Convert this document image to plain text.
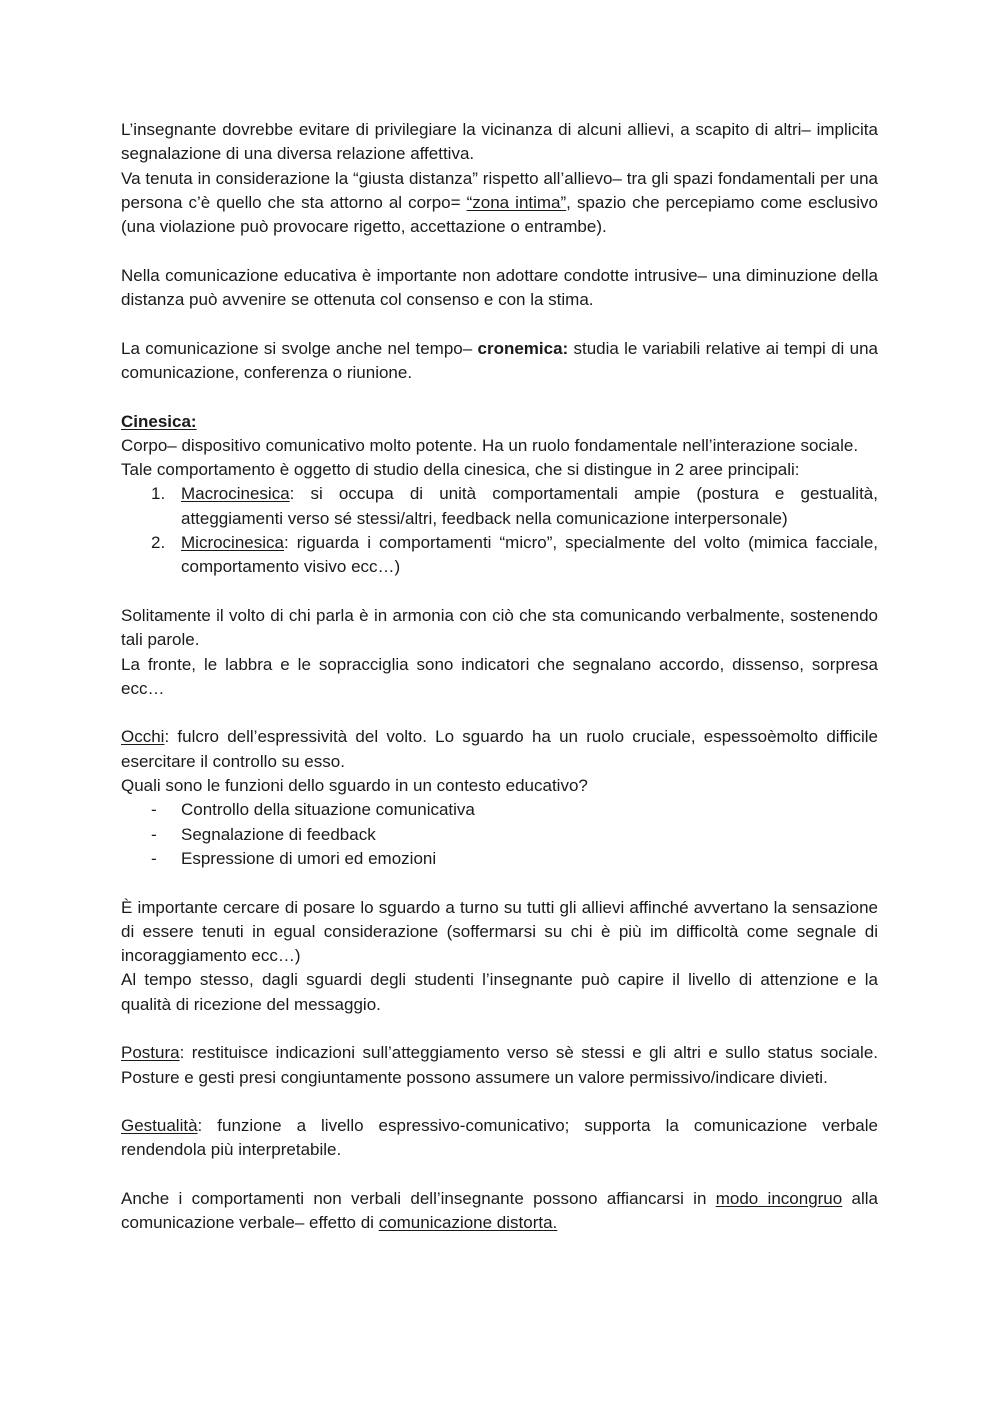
L’insegnante dovrebbe evitare di privilegiare la vicinanza di alcuni allievi, a scapito di altri– implicita segnalazione di una diversa relazione affettiva.

Va tenuta in considerazione la “giusta distanza” rispetto all’allievo– tra gli spazi fondamentali per una persona c’è quello che sta attorno al corpo= “zona intima”, spazio che percepiamo come esclusivo (una violazione può provocare rigetto, accettazione o entrambe).

Nella comunicazione educativa è importante non adottare condotte intrusive– una diminuzione della distanza può avvenire se ottenuta col consenso e con la stima.

La comunicazione si svolge anche nel tempo– cronemica: studia le variabili relative ai tempi di una comunicazione, conferenza o riunione.

Cinesica:

Corpo– dispositivo comunicativo molto potente. Ha un ruolo fondamentale nell’interazione sociale.

Tale comportamento è oggetto di studio della cinesica, che si distingue in 2 aree principali:

1. Macrocinesica: si occupa di unità comportamentali ampie (postura e gestualità, atteggiamenti verso sé stessi/altri, feedback nella comunicazione interpersonale)
2. Microcinesica: riguarda i comportamenti “micro”, specialmente del volto (mimica facciale, comportamento visivo ecc…)

Solitamente il volto di chi parla è in armonia con ciò che sta comunicando verbalmente, sostenendo tali parole.

La fronte, le labbra e le sopracciglia sono indicatori che segnalano accordo, dissenso, sorpresa ecc…

Occhi: fulcro dell’espressività del volto. Lo sguardo ha un ruolo cruciale, espessoèmolto difficile esercitare il controllo su esso.

Quali sono le funzioni dello sguardo in un contesto educativo?

- Controllo della situazione comunicativa
- Segnalazione di feedback
- Espressione di umori ed emozioni

È importante cercare di posare lo sguardo a turno su tutti gli allievi affinché avvertano la sensazione di essere tenuti in egual considerazione (soffermarsi su chi è più im difficoltà come segnale di incoraggiamento ecc…)

Al tempo stesso, dagli sguardi degli studenti l’insegnante può capire il livello di attenzione e la qualità di ricezione del messaggio.

Postura: restituisce indicazioni sull’atteggiamento verso sè stessi e gli altri e sullo status sociale. Posture e gesti presi congiuntamente possono assumere un valore permissivo/indicare divieti.

Gestualità: funzione a livello espressivo-comunicativo; supporta la comunicazione verbale rendendola più interpretabile.

Anche i comportamenti non verbali dell’insegnante possono affiancarsi in modo incongruo alla comunicazione verbale– effetto di comunicazione distorta.
